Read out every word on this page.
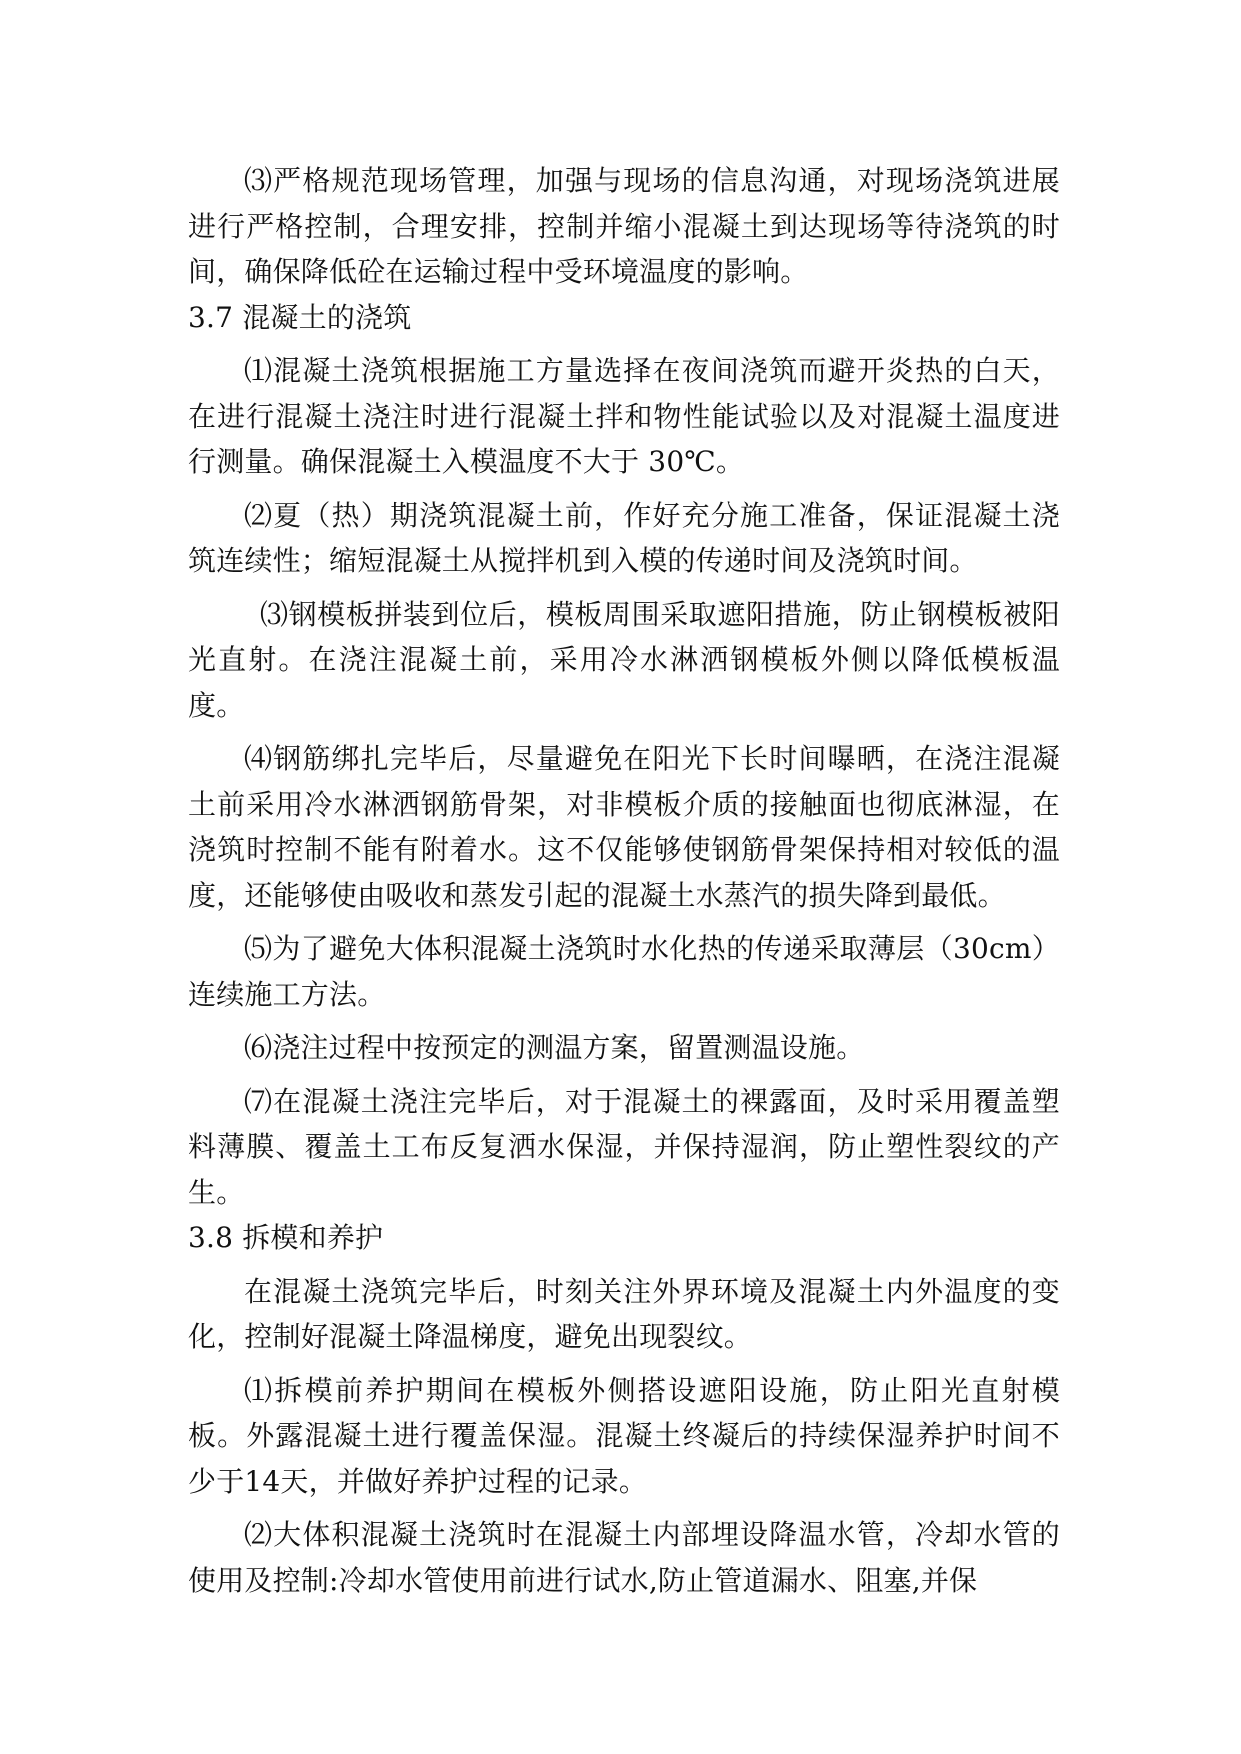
⑶严格规范现场管理，加强与现场的信息沟通，对现场浇筑进展进行严格控制，合理安排，控制并缩小混凝土到达现场等待浇筑的时间，确保降低砼在运输过程中受环境温度的影响。

3.7 混凝土的浇筑

⑴混凝土浇筑根据施工方量选择在夜间浇筑而避开炎热的白天，在进行混凝土浇注时进行混凝土拌和物性能试验以及对混凝土温度进行测量。确保混凝土入模温度不大于 30℃。

⑵夏（热）期浇筑混凝土前，作好充分施工准备，保证混凝土浇筑连续性；缩短混凝土从搅拌机到入模的传递时间及浇筑时间。

⑶钢模板拼装到位后，模板周围采取遮阳措施，防止钢模板被阳光直射。在浇注混凝土前，采用冷水淋洒钢模板外侧以降低模板温度。

⑷钢筋绑扎完毕后，尽量避免在阳光下长时间曝晒，在浇注混凝土前采用冷水淋洒钢筋骨架，对非模板介质的接触面也彻底淋湿，在浇筑时控制不能有附着水。这不仅能够使钢筋骨架保持相对较低的温度，还能够使由吸收和蒸发引起的混凝土水蒸汽的损失降到最低。

⑸为了避免大体积混凝土浇筑时水化热的传递采取薄层（30cm）连续施工方法。

⑹浇注过程中按预定的测温方案，留置测温设施。

⑺在混凝土浇注完毕后，对于混凝土的裸露面，及时采用覆盖塑料薄膜、覆盖土工布反复洒水保湿，并保持湿润，防止塑性裂纹的产生。

3.8 拆模和养护

在混凝土浇筑完毕后，时刻关注外界环境及混凝土内外温度的变化，控制好混凝土降温梯度，避免出现裂纹。

⑴拆模前养护期间在模板外侧搭设遮阳设施，防止阳光直射模板。外露混凝土进行覆盖保湿。混凝土终凝后的持续保湿养护时间不少于14天，并做好养护过程的记录。

⑵大体积混凝土浇筑时在混凝土内部埋设降温水管，冷却水管的使用及控制:冷却水管使用前进行试水,防止管道漏水、阻塞,并保
